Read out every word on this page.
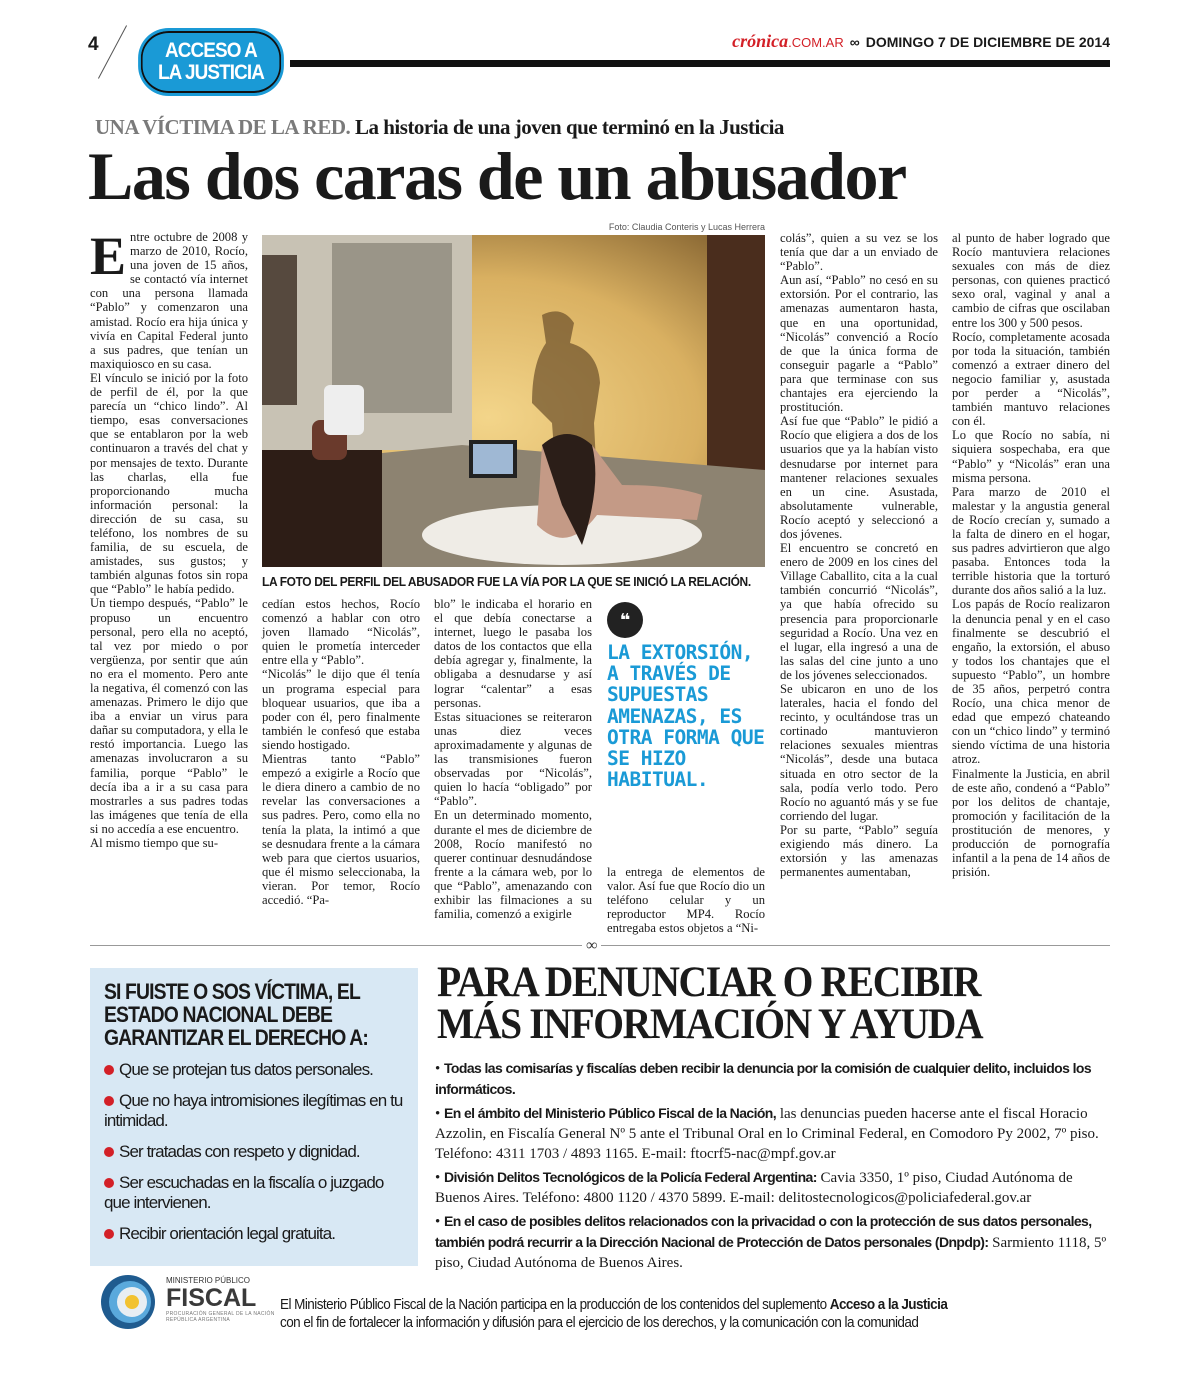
4	ACCESO A
LA JUSTICIA
crónica .COM.AR ∞ DOMINGO 7 DE DICIEMBRE DE 2014
UNA VÍCTIMA DE LA RED. La historia de una joven que terminó en la Justicia
Las dos caras de un abusador

Entre octubre de 2008 y marzo de 2010, Rocío, una joven de 15 años, se contactó vía internet con una persona llamada “Pablo” y comenzaron una amistad. Rocío era hija única y vivía en Capital Federal junto a sus padres, que tenían un maxiquiosco en su casa.

El vínculo se inició por la foto de perfil de él, por la que parecía un “chico lindo”. Al tiempo, esas conversaciones que se entablaron por la web continuaron a través del chat y por mensajes de texto. Durante las charlas, ella fue proporcionando mucha información personal: la dirección de su casa, su teléfono, los nombres de su familia, de su escuela, de amistades, sus gustos; y también algunas fotos sin ropa que “Pablo” le había pedido.

Un tiempo después, “Pablo” le propuso un encuentro personal, pero ella no aceptó, tal vez por miedo o por vergüenza, por sentir que aún no era el momento. Pero ante la negativa, él comenzó con las amenazas. Primero le dijo que iba a enviar un virus para dañar su computadora, y ella le restó importancia. Luego las amenazas involucraron a su familia, porque “Pablo” le decía iba a ir a su casa para mostrarles a sus padres todas las imágenes que tenía de ella si no accedía a ese encuentro.

Al mismo tiempo que su-

Foto: Claudia Conteris y Lucas Herrera
LA FOTO DEL PERFIL DEL ABUSADOR FUE LA VÍA POR LA QUE SE INICIÓ LA RELACIÓN.

cedían estos hechos, Rocío comenzó a hablar con otro joven llamado “Nicolás”, quien le prometía interceder entre ella y “Pablo”.

“Nicolás” le dijo que él tenía un programa especial para bloquear usuarios, que iba a poder con él, pero finalmente también le confesó que estaba siendo hostigado.

Mientras tanto “Pablo” empezó a exigirle a Rocío que le diera dinero a cambio de no revelar las conversaciones a sus padres. Pero, como ella no tenía la plata, la intimó a que se desnudara frente a la cámara web para que ciertos usuarios, que él mismo seleccionaba, la vieran. Por temor, Rocío accedió. “Pa-

blo” le indicaba el horario en el que debía conectarse a internet, luego le pasaba los datos de los contactos que ella debía agregar y, finalmente, la obligaba a desnudarse y así lograr “calentar” a esas personas.

Estas situaciones se reiteraron unas diez veces aproximadamente y algunas de las transmisiones fueron observadas por “Nicolás”, quien lo hacía “obligado” por “Pablo”.

En un determinado momento, durante el mes de diciembre de 2008, Rocío manifestó no querer continuar desnudándose frente a la cámara web, por lo que “Pablo”, amenazando con exhibir las filmaciones a su familia, comenzó a exigirle

❝
LA EXTORSIÓN, A TRAVÉS DE SUPUESTAS AMENAZAS, ES OTRA FORMA QUE SE HIZO HABITUAL.

la entrega de elementos de valor. Así fue que Rocío dio un teléfono celular y un reproductor MP4. Rocío entregaba estos objetos a “Ni-

colás”, quien a su vez se los tenía que dar a un enviado de “Pablo”.

Aun así, “Pablo” no cesó en su extorsión. Por el contrario, las amenazas aumentaron hasta, que en una oportunidad, “Nicolás” convenció a Rocío de que la única forma de conseguir pagarle a “Pablo” para que terminase con sus chantajes era ejerciendo la prostitución.

Así fue que “Pablo” le pidió a Rocío que eligiera a dos de los usuarios que ya la habían visto desnudarse por internet para mantener relaciones sexuales en un cine. Asustada, absolutamente vulnerable, Rocío aceptó y seleccionó a dos jóvenes.

El encuentro se concretó en enero de 2009 en los cines del Village Caballito, cita a la cual también concurrió “Nicolás”, ya que había ofrecido su presencia para proporcionarle seguridad a Rocío. Una vez en el lugar, ella ingresó a una de las salas del cine junto a uno de los jóvenes seleccionados.

Se ubicaron en uno de los laterales, hacia el fondo del recinto, y ocultándose tras un cortinado mantuvieron relaciones sexuales mientras “Nicolás”, desde una butaca situada en otro sector de la sala, podía verlo todo. Pero Rocío no aguantó más y se fue corriendo del lugar.

Por su parte, “Pablo” seguía exigiendo más dinero. La extorsión y las amenazas permanentes aumentaban,

al punto de haber logrado que Rocío mantuviera relaciones sexuales con más de diez personas, con quienes practicó sexo oral, vaginal y anal a cambio de cifras que oscilaban entre los 300 y 500 pesos.

Rocío, completamente acosada por toda la situación, también comenzó a extraer dinero del negocio familiar y, asustada por perder a “Nicolás”, también mantuvo relaciones con él.

Lo que Rocío no sabía, ni siquiera sospechaba, era que “Pablo” y “Nicolás” eran una misma persona.

Para marzo de 2010 el malestar y la angustia general de Rocío crecían y, sumado a la falta de dinero en el hogar, sus padres advirtieron que algo pasaba. Entonces toda la terrible historia que la torturó durante dos años salió a la luz.

Los papás de Rocío realizaron la denuncia penal y en el caso finalmente se descubrió el engaño, la extorsión, el abuso y todos los chantajes que el supuesto “Pablo”, un hombre de 35 años, perpetró contra Rocío, una chica menor de edad que empezó chateando con un “chico lindo” y terminó siendo víctima de una historia atroz.

Finalmente la Justicia, en abril de este año, condenó a “Pablo” por los delitos de chantaje, promoción y facilitación de la prostitución de menores, y producción de pornografía infantil a la pena de 14 años de prisión.

∞
SI FUISTE O SOS VÍCTIMA, EL ESTADO NACIONAL DEBE GARANTIZAR EL DERECHO A:
Que se protejan tus datos personales.
Que no haya intromisiones ilegítimas en tu intimidad.
Ser tratadas con respeto y dignidad.
Ser escuchadas en la fiscalía o juzgado que intervienen.
Recibir orientación legal gratuita.
PARA DENUNCIAR O RECIBIR
MÁS INFORMACIÓN Y AYUDA

• Todas las comisarías y fiscalías deben recibir la denuncia por la comisión de cualquier delito, incluidos los informáticos.

• En el ámbito del Ministerio Público Fiscal de la Nación, las denuncias pueden hacerse ante el fiscal Horacio Azzolin, en Fiscalía General Nº 5 ante el Tribunal Oral en lo Criminal Federal, en Comodoro Py 2002, 7º piso. Teléfono: 4311 1703 / 4893 1165. E-mail: ftocrf5-nac@mpf.gov.ar

• División Delitos Tecnológicos de la Policía Federal Argentina: Cavia 3350, 1º piso, Ciudad Autónoma de Buenos Aires. Teléfono: 4800 1120 / 4370 5899. E-mail: delitostecnologicos@policiafederal.gov.ar

• En el caso de posibles delitos relacionados con la privacidad o con la protección de sus datos personales, también podrá recurrir a la Dirección Nacional de Protección de Datos personales (Dnpdp): Sarmiento 1118, 5º piso, Ciudad Autónoma de Buenos Aires.

MINISTERIO PÚBLICO
FISCAL
PROCURACIÓN GENERAL DE LA NACIÓN
REPÚBLICA ARGENTINA
El Ministerio Público Fiscal de la Nación participa en la producción de los contenidos del suplemento Acceso a la Justicia
con el fin de fortalecer la información y difusión para el ejercicio de los derechos, y la comunicación con la comunidad
